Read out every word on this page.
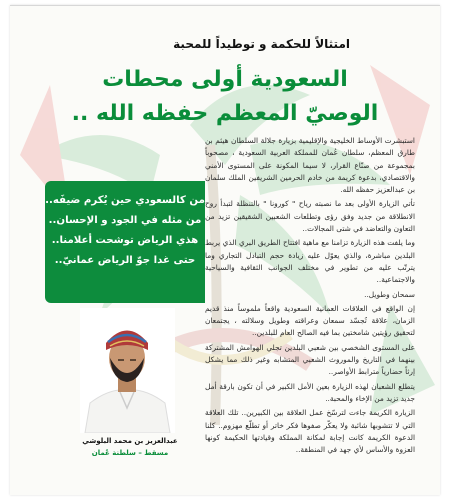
امتثالاً للحكمة و توطيداً للمحبة
السعودية أولى محطات
الوصيّ المعظم حفظه الله ..

استبشرت الأوساط الخليجية والإقليمية بزيارة جلالة السلطان هيثم بن طارق المعظم، سلطان عُمان للمملكة العربية السعودية ، مصحوباً بمجموعة من صنّاع القرار، لا سيما المكونة على المستوى الأمني والاقتصادي، بدعوة كريمة من خادم الحرمين الشريفين الملك سلمان بن عبدالعزيز حفظه الله.

تأتي الزيارة الأولى بعد ما نصبته رياح " كورونا " بالتنظلة لتبدأ روح الانطلاقة من جديد وفق رؤى وتطلعات الشعبين الشقيقين تزيد من التعاون والتعاضد في شتى المجالات..

وما يلفت هذه الزيارة تزامنا مع ماهية افتتاح الطريق البري الذي يربط البلدين مباشرة، والذي يعوّل عليه زيادة حجم التبادل التجاري وما يترتّب عليه من تطوير في مختلف الجوانب الثقافية والسياحية والاجتماعية..

سمحان وطويل..

إن الواقع في العلاقات العمانية السعودية واقعاً ملموساً منذ قديم الزمان، علاقة تُجسّد سمعان وعراقته وطويل وسلالته ، يجتمعان لتحقيق رؤيتين شامختين بما فيه الصالح العام للبلدين..

على المستوى الشخصي بين شعبي البلدين تجلي الهوامش المشتركة بينهما في التاريخ والموروث الشعبي المتشابه وغير ذلك مما يشكل إرثاً حضارياً مترابط الأواصر..

يتطلع الشعبان لهذه الزيارة بعين الأمل الكبير في أن تكون بارقة أمل جديد تزيد من الإخاء والمحبة..

الزيارة الكريمة جاءت لترسّخ عمل العلاقة بين الكبيرين.. تلك العلاقة التي لا تتشوبها شائبة ولا يعكّر صفوها فكر خاتر أو تطلّع مهزوم.. كلنا الدعوة الكريمة كانت إجابة لمكانة المملكة وقيادتها الحكيمة كونها العزوة والأساس لأي جهد في المنطقة..

من كالسعودي حين يُكرم ضيفَه..
من مثله في الجود و الإحسان..
هذي الرياض توشحت أعلامنا..
حتى غدا جوّ الرياض عمانيّ..
عبدالعزيز بن محمد البلوشي
مسقط – سلطنة عُمان
